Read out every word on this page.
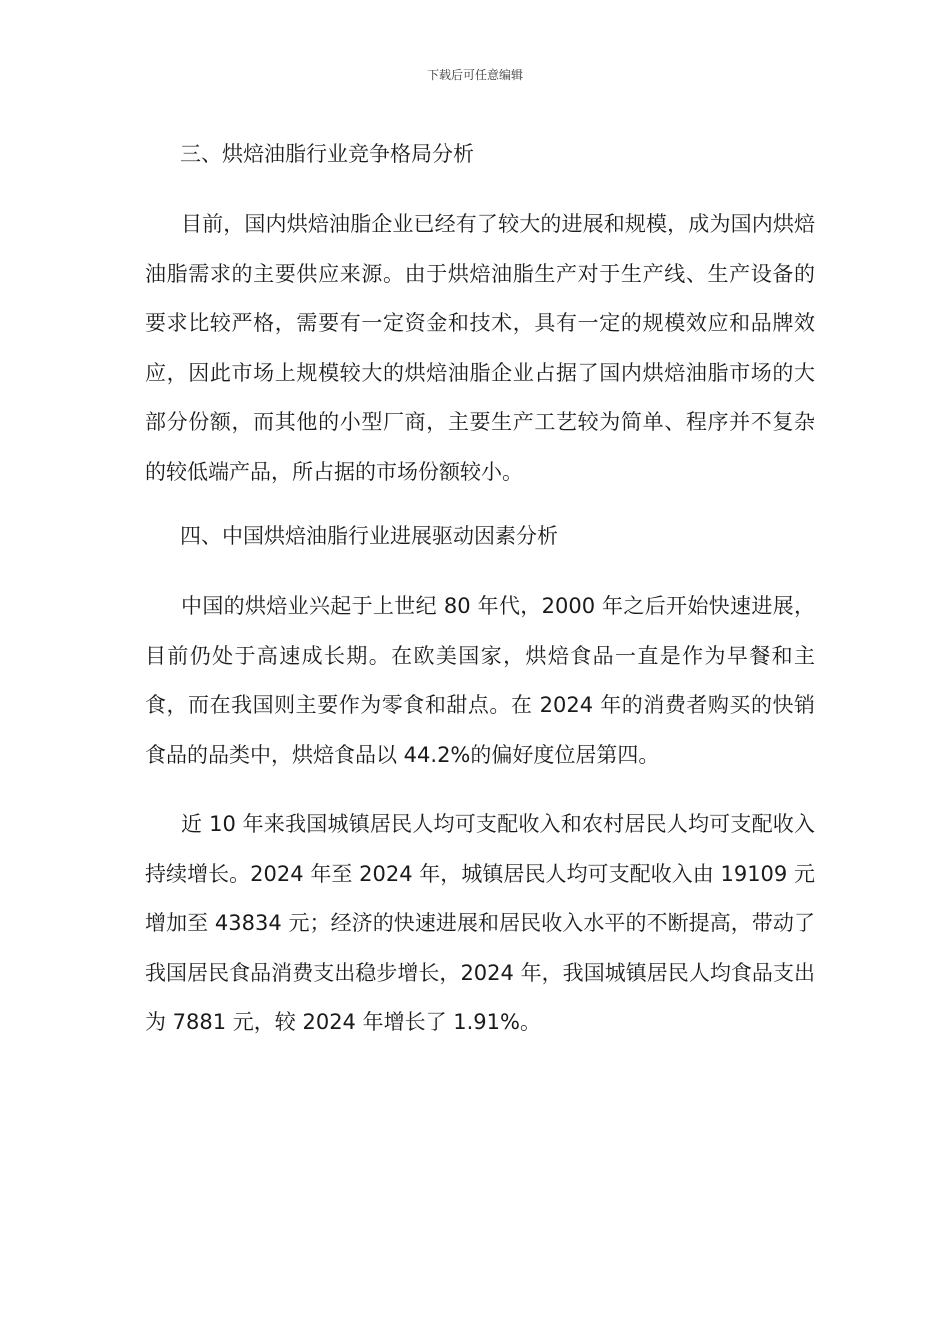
下载后可任意编辑
三、烘焙油脂行业竞争格局分析
目前，国内烘焙油脂企业已经有了较大的进展和规模，成为国内烘焙油脂需求的主要供应来源。由于烘焙油脂生产对于生产线、生产设备的要求比较严格，需要有一定资金和技术，具有一定的规模效应和品牌效应，因此市场上规模较大的烘焙油脂企业占据了国内烘焙油脂市场的大部分份额，而其他的小型厂商，主要生产工艺较为简单、程序并不复杂的较低端产品，所占据的市场份额较小。
四、中国烘焙油脂行业进展驱动因素分析
中国的烘焙业兴起于上世纪 80 年代，2000 年之后开始快速进展，目前仍处于高速成长期。在欧美国家，烘焙食品一直是作为早餐和主食，而在我国则主要作为零食和甜点。在 2024 年的消费者购买的快销食品的品类中，烘焙食品以 44.2%的偏好度位居第四。
近 10 年来我国城镇居民人均可支配收入和农村居民人均可支配收入持续增长。2024 年至 2024 年，城镇居民人均可支配收入由 19109 元增加至 43834 元；经济的快速进展和居民收入水平的不断提高，带动了我国居民食品消费支出稳步增长，2024 年，我国城镇居民人均食品支出为 7881 元，较 2024 年增长了 1.91%。
